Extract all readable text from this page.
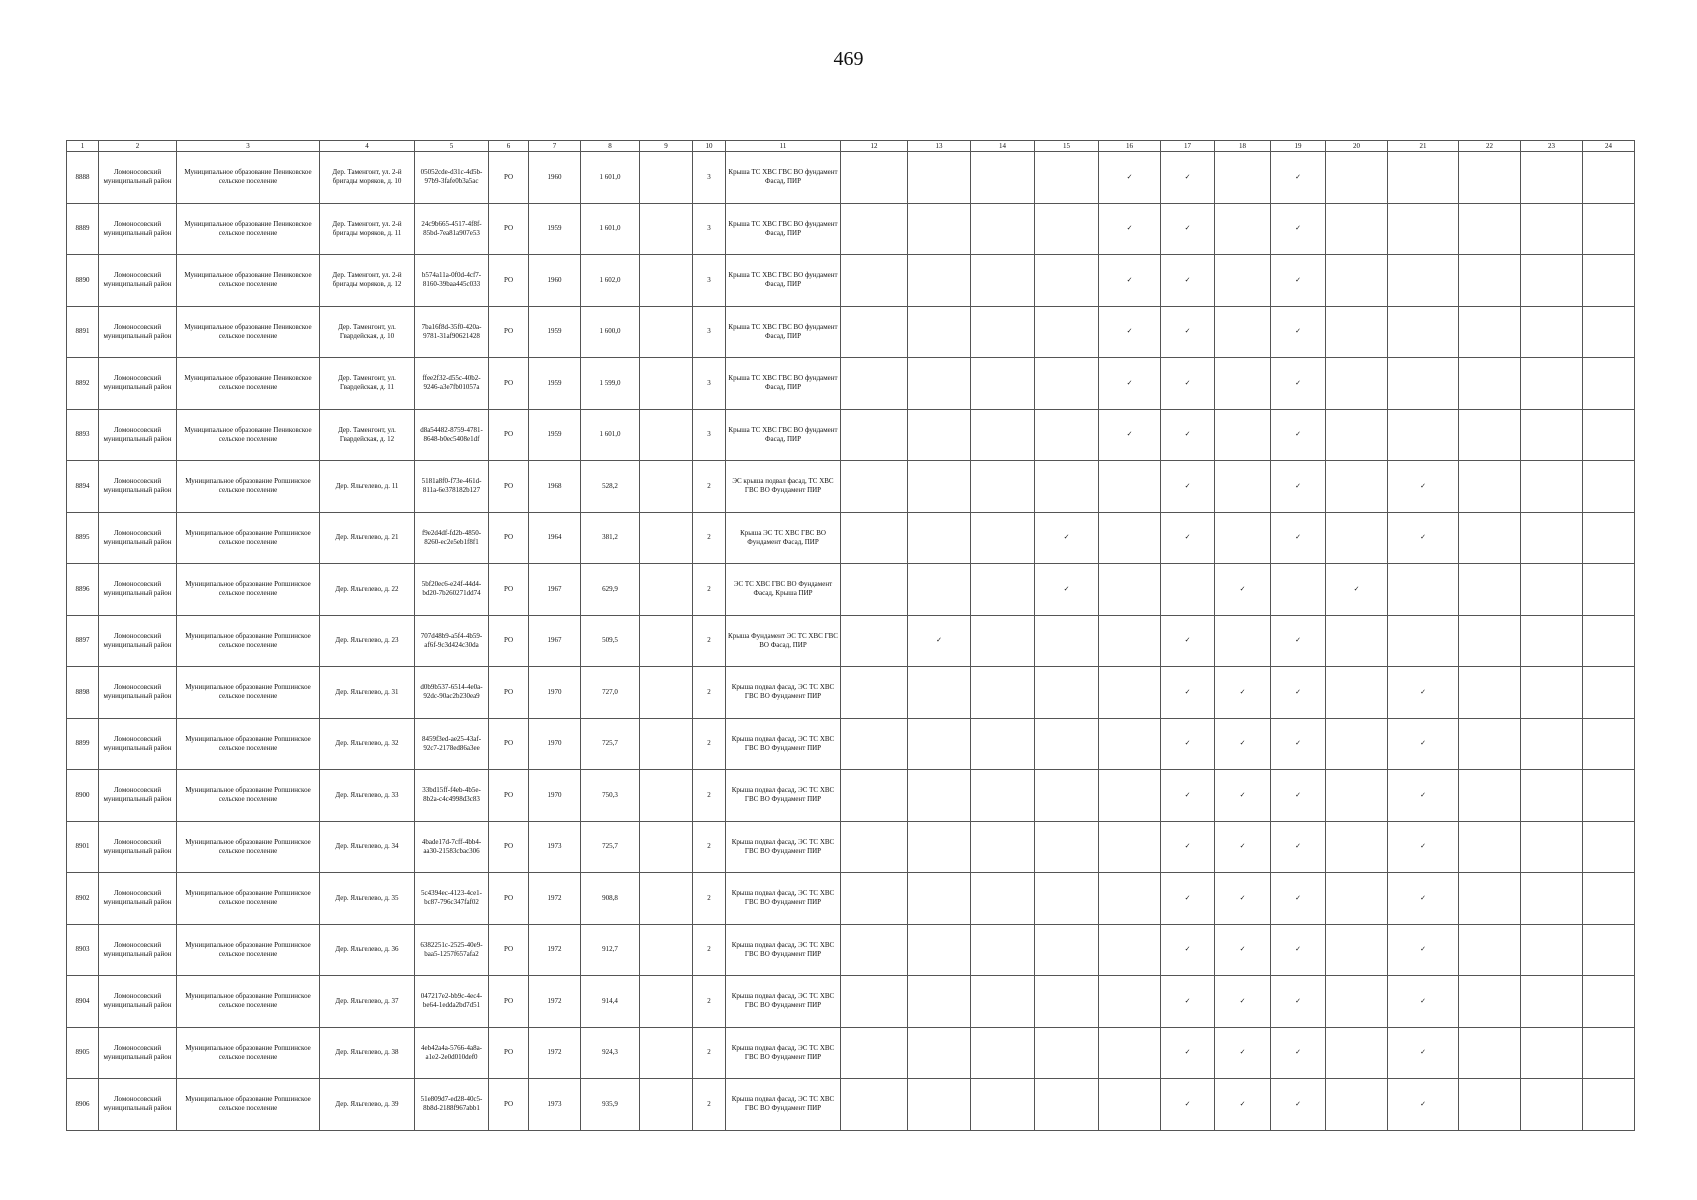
469
1	2	3	4	5	6	7	8	9	10	11	12	13	14	15	16	17	18	19	20	21	22	23	24
8888	Ломоносовский муниципальный район	Муниципальное образование Пениковское сельское поселение	Дер. Таменгонт, ул. 2-й бригады моряков, д. 10	05052cde-d31c-4d5b-97b9-3fafe0b3a5ac	РО	1960	1 601,0		3	Крыша ТС ХВС ГВС ВО фундамент Фасад, ПИР					✓	✓		✓					
8889	Ломоносовский муниципальный район	Муниципальное образование Пениковское сельское поселение	Дер. Таменгонт, ул. 2-й бригады моряков, д. 11	24c9b665-4517-4f8f-85bd-7ea81a907e53	РО	1959	1 601,0		3	Крыша ТС ХВС ГВС ВО фундамент Фасад, ПИР					✓	✓		✓					
8890	Ломоносовский муниципальный район	Муниципальное образование Пениковское сельское поселение	Дер. Таменгонт, ул. 2-й бригады моряков, д. 12	b574a11a-0f0d-4cf7-8160-39baa445c033	РО	1960	1 602,0		3	Крыша ТС ХВС ГВС ВО фундамент Фасад, ПИР					✓	✓		✓					
8891	Ломоносовский муниципальный район	Муниципальное образование Пениковское сельское поселение	Дер. Таменгонт, ул. Гвардейская, д. 10	7ba16f8d-35f0-420a-9781-31af90621428	РО	1959	1 600,0		3	Крыша ТС ХВС ГВС ВО фундамент Фасад, ПИР					✓	✓		✓					
8892	Ломоносовский муниципальный район	Муниципальное образование Пениковское сельское поселение	Дер. Таменгонт, ул. Гвардейская, д. 11	ffee2f32-d55c-40b2-9246-a3e7fb01057a	РО	1959	1 599,0		3	Крыша ТС ХВС ГВС ВО фундамент Фасад, ПИР					✓	✓		✓					
8893	Ломоносовский муниципальный район	Муниципальное образование Пениковское сельское поселение	Дер. Таменгонт, ул. Гвардейская, д. 12	d8a54482-8759-4781-8648-b0ec5408e1df	РО	1959	1 601,0		3	Крыша ТС ХВС ГВС ВО фундамент Фасад, ПИР					✓	✓		✓					
8894	Ломоносовский муниципальный район	Муниципальное образование Ропшинское сельское поселение	Дер. Яльгелево, д. 11	5181a8f0-f73e-461d-811a-6e378182b127	РО	1968	528,2		2	ЭС крыша подвал фасад, ТС ХВС ГВС ВО Фундамент ПИР						✓		✓		✓			
8895	Ломоносовский муниципальный район	Муниципальное образование Ропшинское сельское поселение	Дер. Яльгелево, д. 21	f9e2d4df-fd2b-4850-8260-ec2e5eb1f8f1	РО	1964	381,2		2	Крыша ЭС ТС ХВС ГВС ВО Фундамент Фасад, ПИР				✓		✓		✓		✓			
8896	Ломоносовский муниципальный район	Муниципальное образование Ропшинское сельское поселение	Дер. Яльгелево, д. 22	5bf20ec6-e24f-44d4-bd20-7b260271dd74	РО	1967	629,9		2	ЭС ТС ХВС ГВС ВО Фундамент Фасад, Крыша ПИР				✓			✓		✓				
8897	Ломоносовский муниципальный район	Муниципальное образование Ропшинское сельское поселение	Дер. Яльгелево, д. 23	707d48b9-a5f4-4b59-af6f-9c3d424c30da	РО	1967	509,5		2	Крыша Фундамент ЭС ТС ХВС ГВС ВО Фасад, ПИР		✓				✓		✓					
8898	Ломоносовский муниципальный район	Муниципальное образование Ропшинское сельское поселение	Дер. Яльгелево, д. 31	d0b9b537-6514-4e0a-92dc-90ac2b230ea9	РО	1970	727,0		2	Крыша подвал фасад, ЭС ТС ХВС ГВС ВО Фундамент ПИР						✓	✓	✓		✓			
8899	Ломоносовский муниципальный район	Муниципальное образование Ропшинское сельское поселение	Дер. Яльгелево, д. 32	8459f3ed-ae25-43af-92c7-2178ed86a3ee	РО	1970	725,7		2	Крыша подвал фасад, ЭС ТС ХВС ГВС ВО Фундамент ПИР						✓	✓	✓		✓			
8900	Ломоносовский муниципальный район	Муниципальное образование Ропшинское сельское поселение	Дер. Яльгелево, д. 33	33bd15ff-f4eb-4b5e-8b2a-c4c4998d3c83	РО	1970	750,3		2	Крыша подвал фасад, ЭС ТС ХВС ГВС ВО Фундамент ПИР						✓	✓	✓		✓			
8901	Ломоносовский муниципальный район	Муниципальное образование Ропшинское сельское поселение	Дер. Яльгелево, д. 34	4bade17d-7cff-4bb4-aa30-21583cbac306	РО	1973	725,7		2	Крыша подвал фасад, ЭС ТС ХВС ГВС ВО Фундамент ПИР						✓	✓	✓		✓			
8902	Ломоносовский муниципальный район	Муниципальное образование Ропшинское сельское поселение	Дер. Яльгелево, д. 35	5c4394ec-4123-4ce1-bc87-796c347faf02	РО	1972	908,8		2	Крыша подвал фасад, ЭС ТС ХВС ГВС ВО Фундамент ПИР						✓	✓	✓		✓			
8903	Ломоносовский муниципальный район	Муниципальное образование Ропшинское сельское поселение	Дер. Яльгелево, д. 36	6382251c-2525-40e9-baa5-1257f657afa2	РО	1972	912,7		2	Крыша подвал фасад, ЭС ТС ХВС ГВС ВО Фундамент ПИР						✓	✓	✓		✓			
8904	Ломоносовский муниципальный район	Муниципальное образование Ропшинское сельское поселение	Дер. Яльгелево, д. 37	047217e2-bb9c-4ec4-be64-1edda2bd7d51	РО	1972	914,4		2	Крыша подвал фасад, ЭС ТС ХВС ГВС ВО Фундамент ПИР						✓	✓	✓		✓			
8905	Ломоносовский муниципальный район	Муниципальное образование Ропшинское сельское поселение	Дер. Яльгелево, д. 38	4eb42a4a-5766-4a8a-a1e2-2e0d010def0	РО	1972	924,3		2	Крыша подвал фасад, ЭС ТС ХВС ГВС ВО Фундамент ПИР						✓	✓	✓		✓			
8906	Ломоносовский муниципальный район	Муниципальное образование Ропшинское сельское поселение	Дер. Яльгелево, д. 39	51e809d7-ed28-40c5-8b8d-2188f967abb1	РО	1973	935,9		2	Крыша подвал фасад, ЭС ТС ХВС ГВС ВО Фундамент ПИР						✓	✓	✓		✓			
